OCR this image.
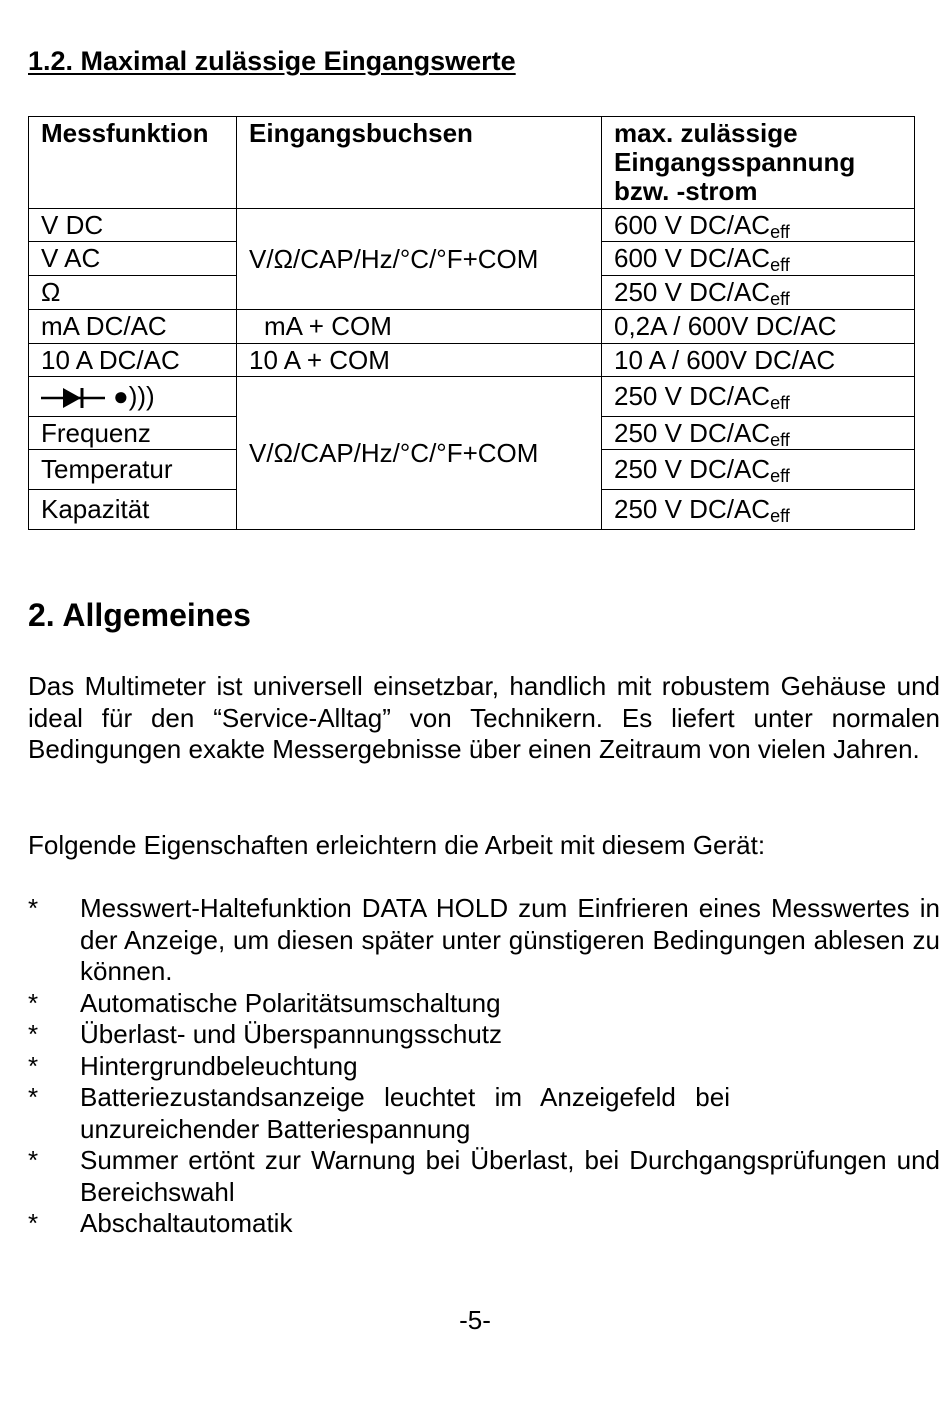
1.2. Maximal zulässige Eingangswerte
Messfunktion	Eingangsbuchsen	max. zulässige Eingangsspannung bzw. -strom
V DC	V/Ω/CAP/Hz/°C/°F+COM	600 V $DC/AC_{eff}$
V AC		600 V $DC/AC_{eff}$
Ω		250 V $DC/AC_{eff}$
mA DC/AC	mA + COM	0,2A / 600V DC/AC
10 A DC/AC	10 A + COM	10 A / 600V DC/AC
●)))	V/Ω/CAP/Hz/°C/°F+COM	250 V $DC/AC_{eff}$
Frequenz		250 V $DC/AC_{eff}$
Temperatur		250 V $DC/AC_{eff}$
Kapazität		250 V $DC/AC_{eff}$
2. Allgemeines
Das Multimeter ist universell einsetzbar, handlich mit robustem Gehäuse und ideal für den “Service-Alltag” von Technikern. Es liefert unter normalen Bedingungen exakte Messergebnisse über einen Zeitraum von vielen Jahren.
Folgende Eigenschaften erleichtern die Arbeit mit diesem Gerät:
*	Messwert-Haltefunktion DATA HOLD zum Einfrieren eines Messwertes in der Anzeige, um diesen später unter günstigeren Bedingungen ablesen zu können.
*	Automatische Polaritätsumschaltung
*	Überlast- und Überspannungsschutz
*	Hintergrundbeleuchtung
*	Batteriezustandsanzeige leuchtet im Anzeigefeld bei unzureichender Batteriespannung
*	Summer ertönt zur Warnung bei Überlast, bei Durchgangsprüfungen und Bereichswahl
*	Abschaltautomatik
-5-
